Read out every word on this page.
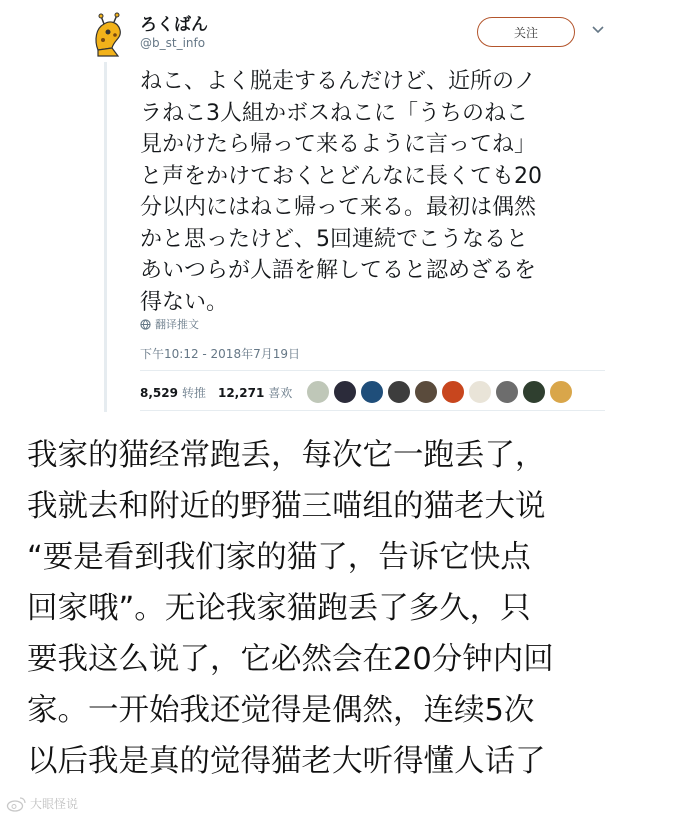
ろくばん
@b_st_info
关注
ねこ、よく脱走するんだけど、近所のノ
ラねこ3人組かボスねこに「うちのねこ
見かけたら帰って来るように言ってね」
と声をかけておくとどんなに長くても20
分以内にはねこ帰って来る。最初は偶然
かと思ったけど、5回連続でこうなると
あいつらが人語を解してると認めざるを
得ない。
翻译推文
下午10:12 - 2018年7月19日
8,529 转推 12,271 喜欢
我家的猫经常跑丢，每次它一跑丢了，
我就去和附近的野猫三喵组的猫老大说
“要是看到我们家的猫了，告诉它快点
回家哦”。无论我家猫跑丢了多久，只
要我这么说了，它必然会在20分钟内回
家。一开始我还觉得是偶然，连续5次
以后我是真的觉得猫老大听得懂人话了
大眼怪说
